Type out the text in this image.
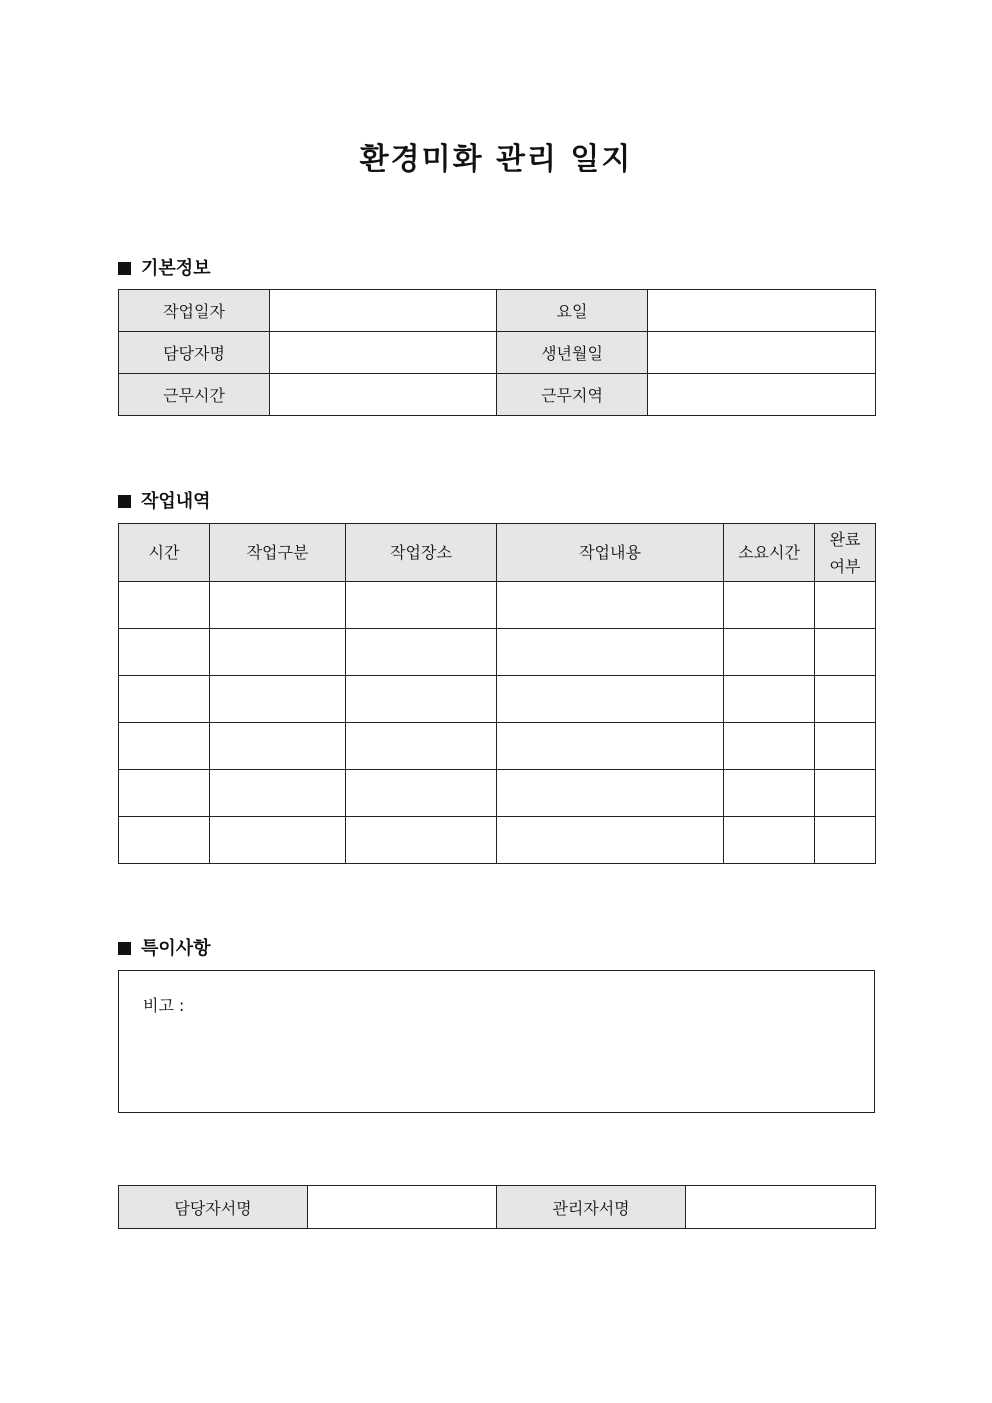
환경미화 관리 일지
기본정보
작업일자		요일	
담당자명		생년월일	
근무시간		근무지역	
작업내역
시간	작업구분	작업장소	작업내용	소요시간	완료
여부

특이사항
비고 :
담당자서명		관리자서명	
